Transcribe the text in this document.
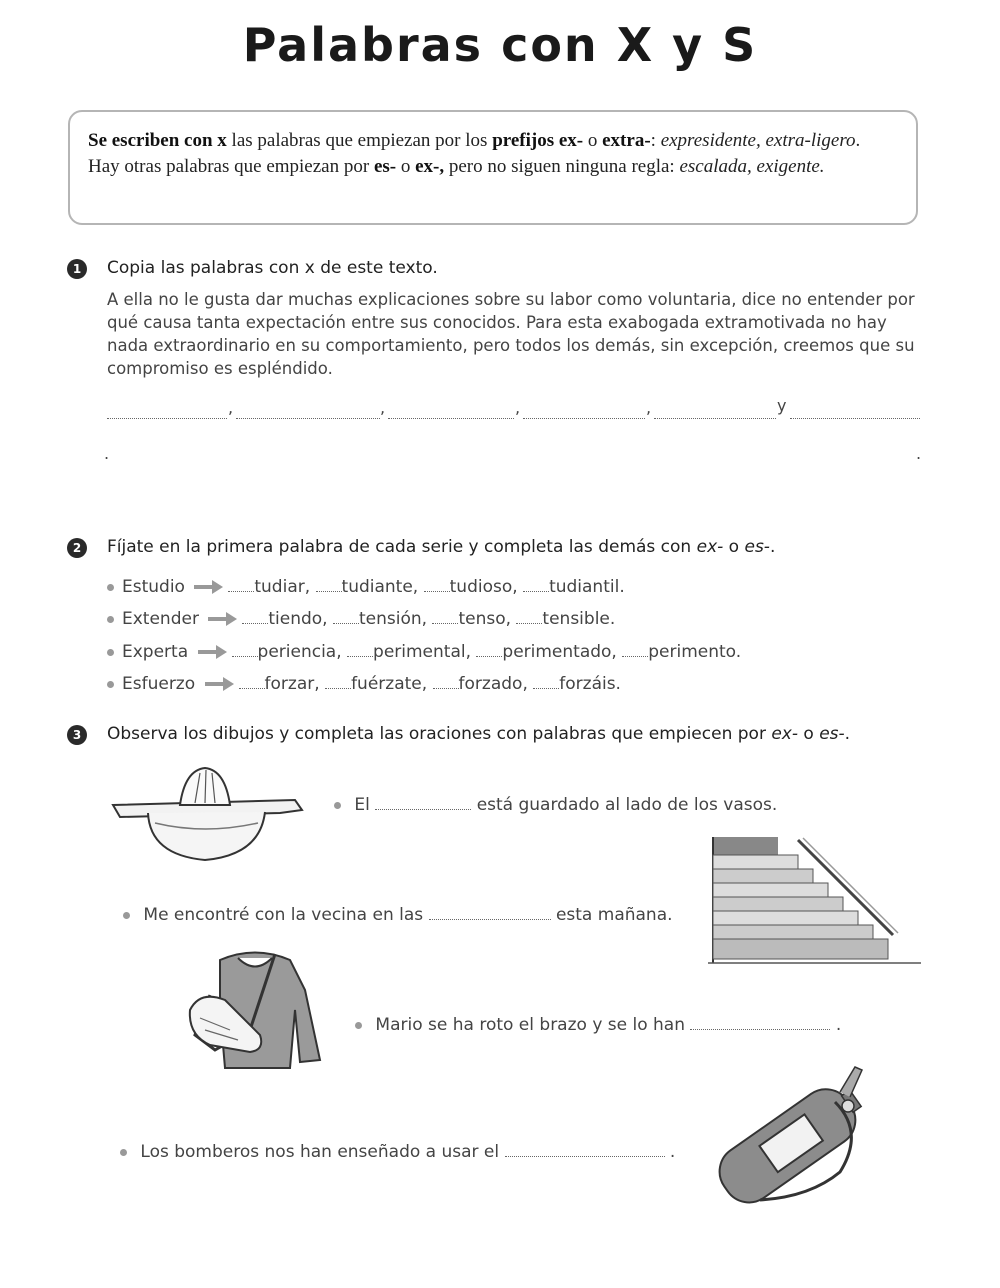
Palabras con X y S
Se escriben con x las palabras que empiezan por los prefijos ex- o extra-: expresidente, extra-ligero.
Hay otras palabras que empiezan por es- o ex-, pero no siguen ninguna regla: escalada, exigente.
1	Copia las palabras con x de este texto.
A ella no le gusta dar muchas explicaciones sobre su labor como voluntaria, dice no entender por qué causa tanta expectación entre sus conocidos. Para esta exabogada extramotivada no hay nada extraordinario en su comportamiento, pero todos los demás, sin excepción, creemos que su compromiso es espléndido.
,	,	,	,	y
.	.
2	Fíjate en la primera palabra de cada serie y completa las demás con ex- o es-.
Estudio	tudiar, tudiante, tudioso, tudiantil.
Extender	tiendo, tensión, tenso, tensible.
Experta	periencia, perimental, perimentado, perimento.
Esfuerzo	forzar, fuérzate, forzado, forzáis.
3	Observa los dibujos y completa las oraciones con palabras que empiecen por ex- o es-.
El	está guardado al lado de los vasos.
Me encontré con la vecina en las	esta mañana.
Mario se ha roto el brazo y se lo han	.
Los bomberos nos han enseñado a usar el	.
